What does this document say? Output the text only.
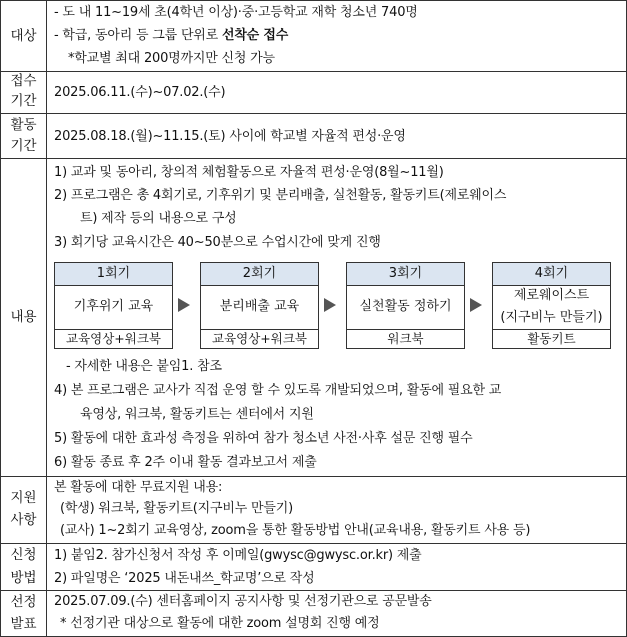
대상
- 도 내 11~19세 초(4학년 이상)·중·고등학교 재학 청소년 740명
- 학급, 동아리 등 그룹 단위로 선착순 접수
*학교별 최대 200명까지만 신청 가능
접수
기간
2025.06.11.(수)~07.02.(수)
활동
기간
2025.08.18.(월)~11.15.(토) 사이에 학교별 자율적 편성·운영
내용
1) 교과 및 동아리, 창의적 체험활동으로 자율적 편성·운영(8월~11월)
2) 프로그램은 총 4회기로, 기후위기 및 분리배출, 실천활동, 활동키트(제로웨이스
트) 제작 등의 내용으로 구성
3) 회기당 교육시간은 40~50분으로 수업시간에 맞게 진행
1회기
기후위기 교육
교육영상+워크북
2회기
분리배출 교육
교육영상+워크북
3회기
실천활동 정하기
워크북
4회기
제로웨이스트
(지구비누 만들기)
활동키트
- 자세한 내용은 붙임1. 참조
4) 본 프로그램은 교사가 직접 운영 할 수 있도록 개발되었으며, 활동에 필요한 교
육영상, 워크북, 활동키트는 센터에서 지원
5) 활동에 대한 효과성 측정을 위하여 참가 청소년 사전·사후 설문 진행 필수
6) 활동 종료 후 2주 이내 활동 결과보고서 제출
지원
사항
본 활동에 대한 무료지원 내용:
(학생) 워크북, 활동키트(지구비누 만들기)
(교사) 1~2회기 교육영상, zoom을 통한 활동방법 안내(교육내용, 활동키트 사용 등)
신청
방법
1) 붙임2. 참가신청서 작성 후 이메일(gwysc@gwysc.or.kr) 제출
2) 파일명은 ‘2025 내돈내쓰_학교명’으로 작성
선정
발표
2025.07.09.(수) 센터홈페이지 공지사항 및 선정기관으로 공문발송
* 선정기관 대상으로 활동에 대한 zoom 설명회 진행 예정
